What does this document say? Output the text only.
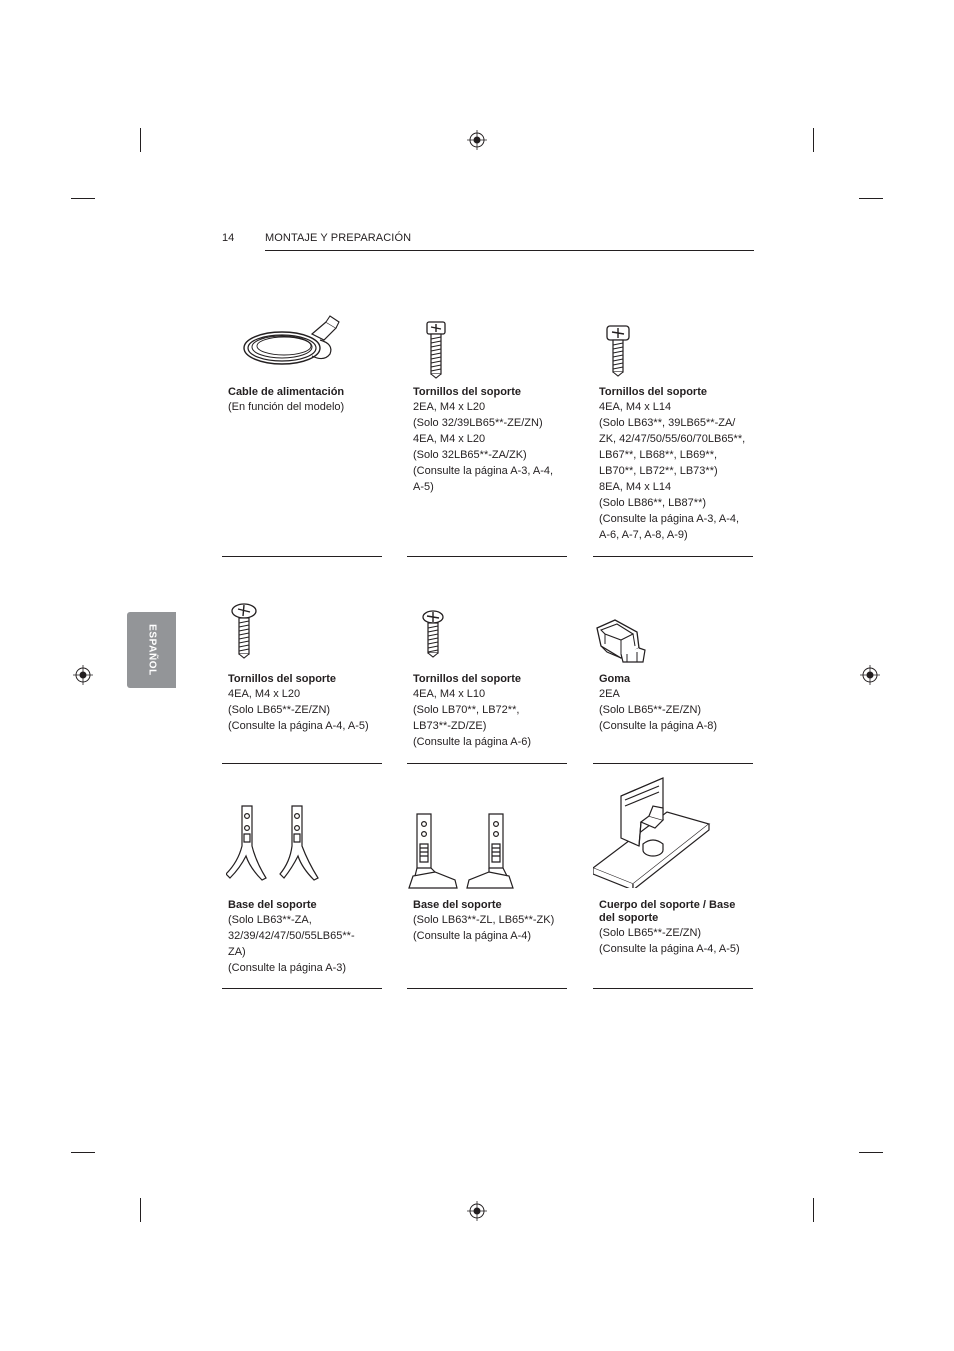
14	MONTAJE Y PREPARACIÓN
ESPAÑOL
Cable de alimentación
(En función del modelo)
Tornillos del soporte
2EA, M4 x L20
(Solo 32/39LB65**-ZE/ZN)
4EA, M4 x L20
(Solo 32LB65**-ZA/ZK)
(Consulte la página A-3, A-4,
A-5)
Tornillos del soporte
4EA, M4 x L14
(Solo LB63**, 39LB65**-ZA/
ZK, 42/47/50/55/60/70LB65**,
LB67**, LB68**, LB69**,
LB70**, LB72**, LB73**)
8EA, M4 x L14
(Solo LB86**, LB87**)
(Consulte la página A-3, A-4,
A-6, A-7, A-8, A-9)
Tornillos del soporte
4EA, M4 x L20
(Solo LB65**-ZE/ZN)
(Consulte la página A-4, A-5)
Tornillos del soporte
4EA, M4 x L10
(Solo LB70**, LB72**,
LB73**-ZD/ZE)
(Consulte la página A-6)
Goma
2EA
(Solo LB65**-ZE/ZN)
(Consulte la página A-8)
Base del soporte
(Solo LB63**-ZA,
32/39/42/47/50/55LB65**-
ZA)
(Consulte la página A-3)
Base del soporte
(Solo LB63**-ZL, LB65**-ZK)
(Consulte la página A-4)
Cuerpo del soporte / Base
del soporte
(Solo LB65**-ZE/ZN)
(Consulte la página A-4, A-5)
